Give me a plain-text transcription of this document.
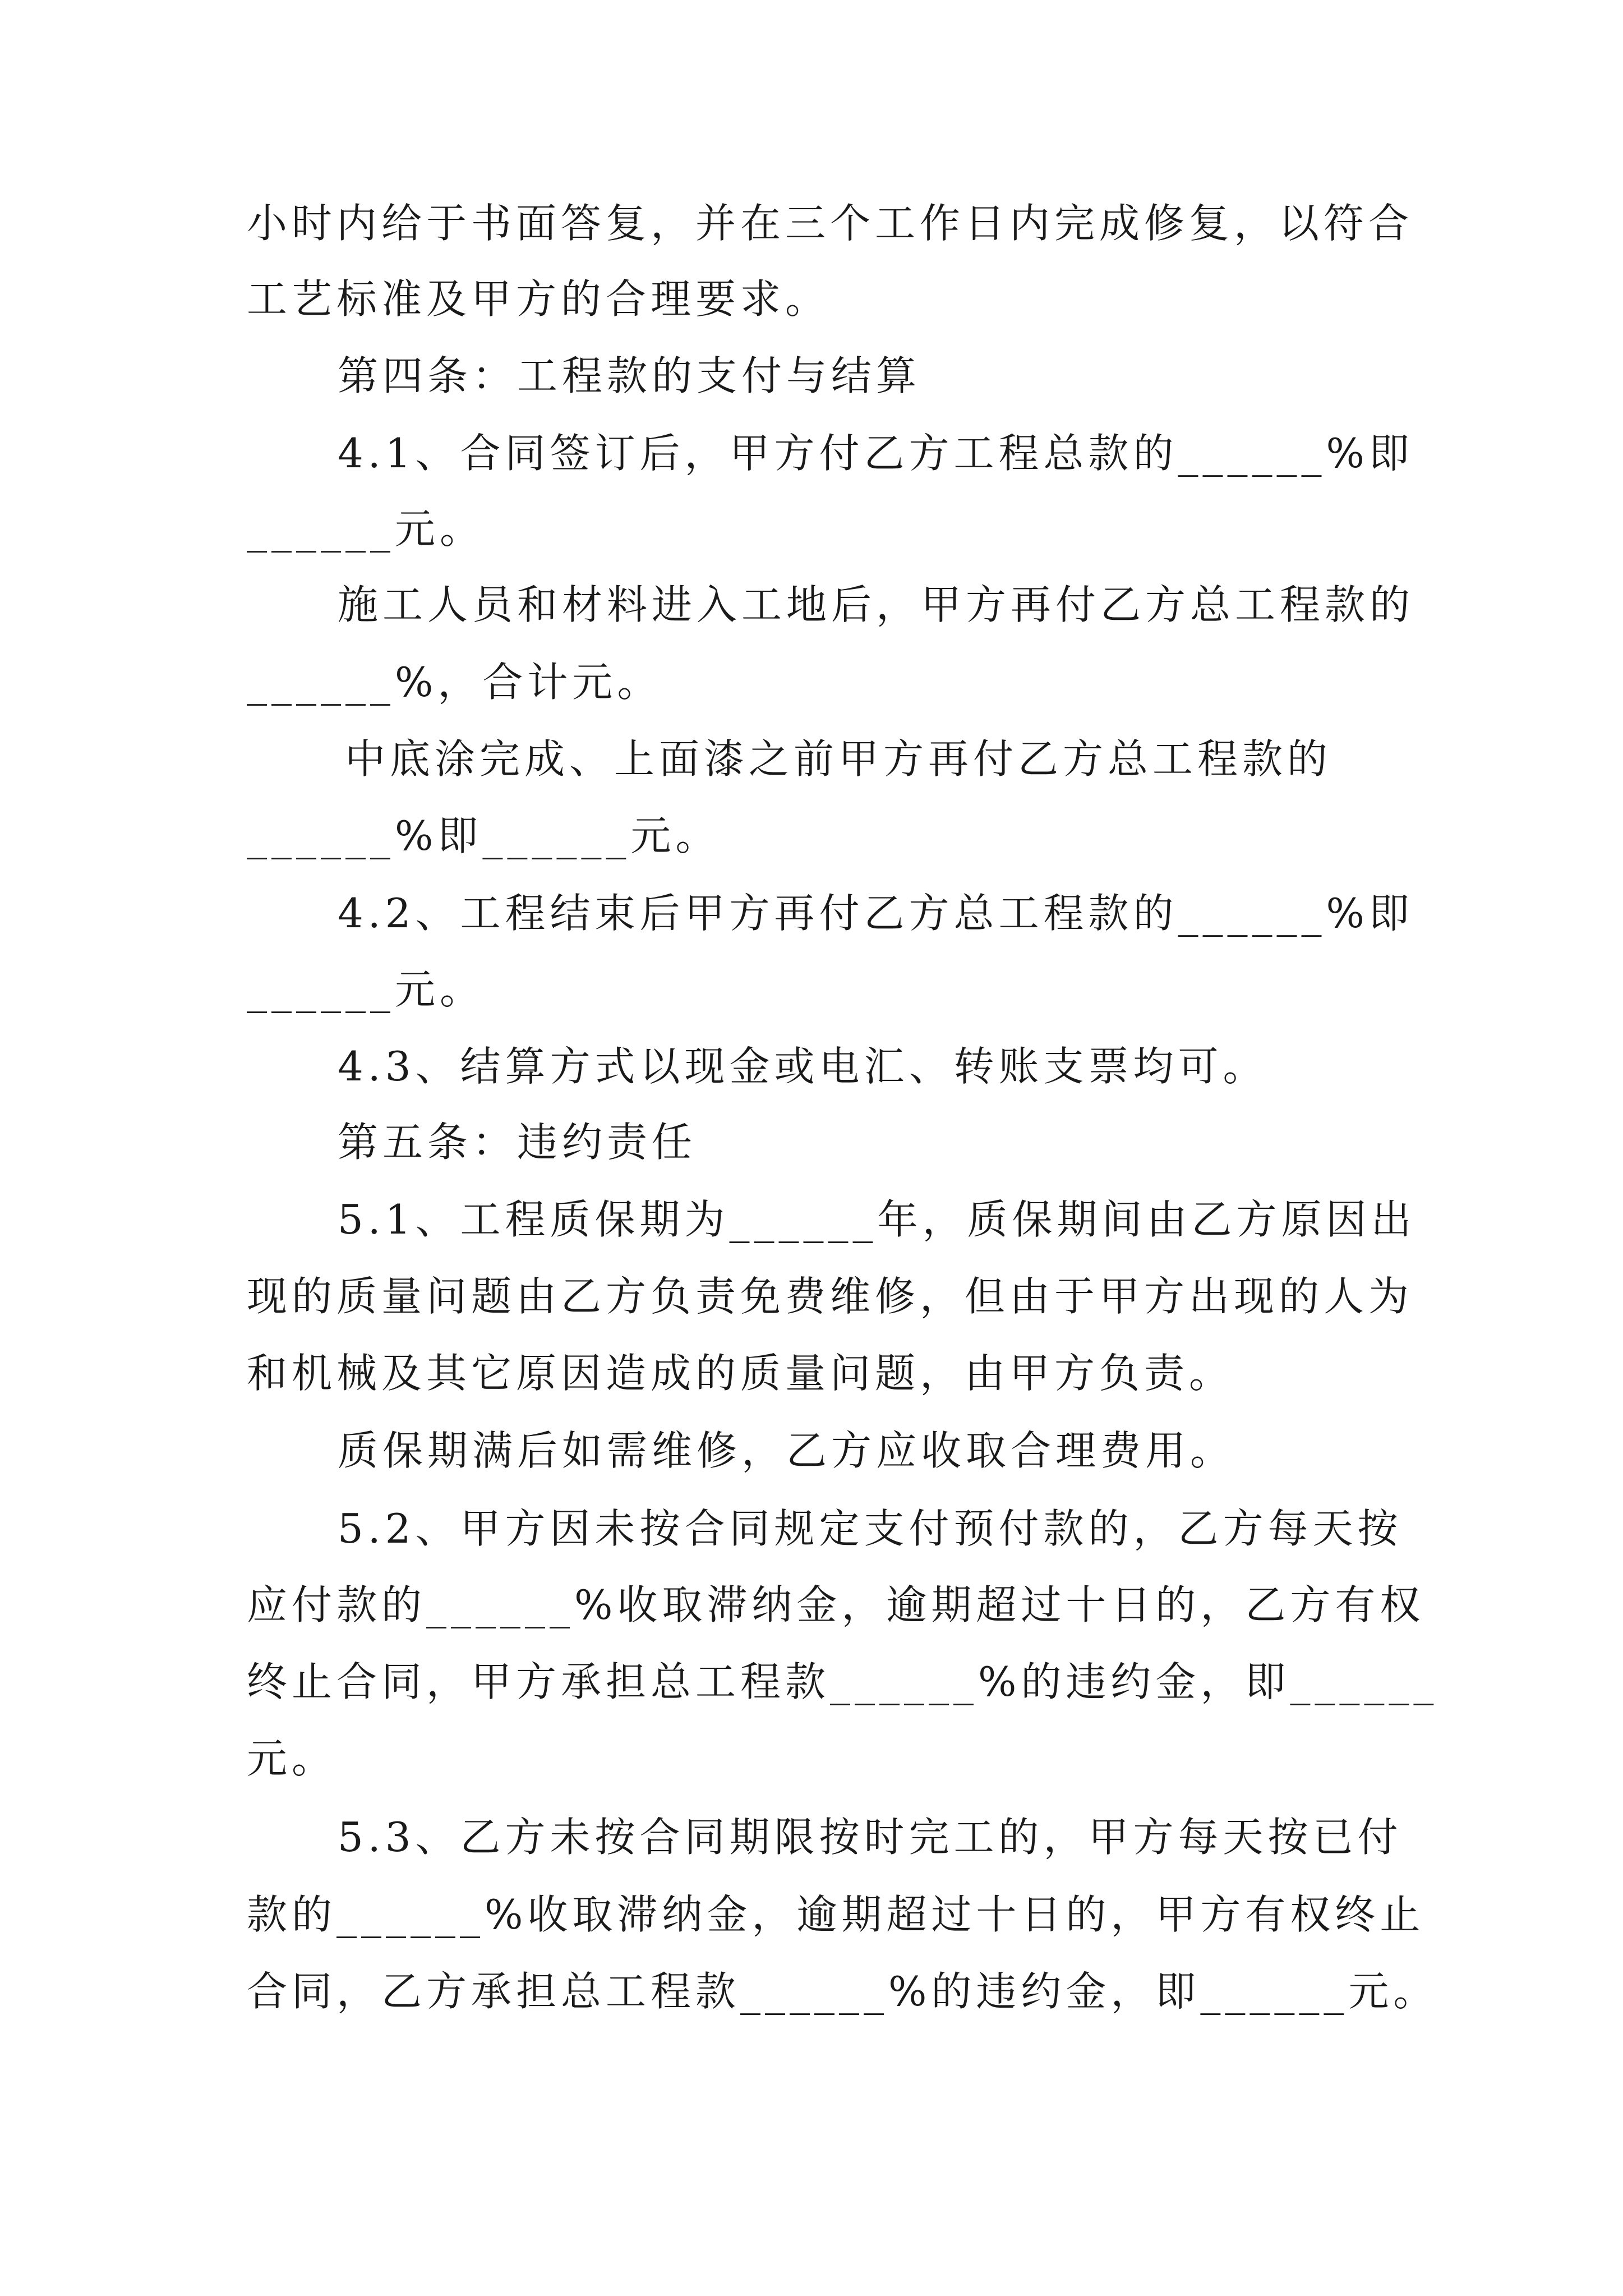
小时内给于书面答复，并在三个工作日内完成修复，以符合
工艺标准及甲方的合理要求。
第四条：工程款的支付与结算
4.1、合同签订后，甲方付乙方工程总款的______%即
______元。
施工人员和材料进入工地后，甲方再付乙方总工程款的
______%，合计元。
中底涂完成、上面漆之前甲方再付乙方总工程款的
______%即______元。
4.2、工程结束后甲方再付乙方总工程款的______%即
______元。
4.3、结算方式以现金或电汇、转账支票均可。
第五条：违约责任
5.1、工程质保期为______年，质保期间由乙方原因出
现的质量问题由乙方负责免费维修，但由于甲方出现的人为
和机械及其它原因造成的质量问题，由甲方负责。
质保期满后如需维修，乙方应收取合理费用。
5.2、甲方因未按合同规定支付预付款的，乙方每天按
应付款的______%收取滞纳金，逾期超过十日的，乙方有权
终止合同，甲方承担总工程款______%的违约金，即______
元。
5.3、乙方未按合同期限按时完工的，甲方每天按已付
款的______%收取滞纳金，逾期超过十日的，甲方有权终止
合同，乙方承担总工程款______%的违约金，即______元。
